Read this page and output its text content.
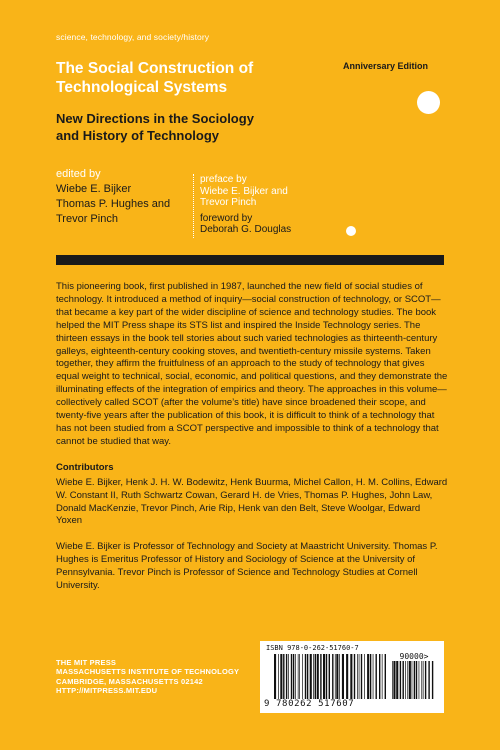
science, technology, and society/history
The Social Construction of Technological Systems
Anniversary Edition
New Directions in the Sociology and History of Technology
edited by
Wiebe E. Bijker
Thomas P. Hughes and
Trevor Pinch
preface by
Wiebe E. Bijker and
Trevor Pinch
foreword by
Deborah G. Douglas

This pioneering book, first published in 1987, launched the new field of social studies of technology. It introduced a method of inquiry—social construction of technology, or SCOT—that became a key part of the wider discipline of science and technology studies. The book helped the MIT Press shape its STS list and inspired the Inside Technology series. The thirteen essays in the book tell stories about such varied technologies as thirteenth-century galleys, eighteenth-century cooking stoves, and twentieth-century missile systems. Taken together, they affirm the fruitfulness of an approach to the study of technology that gives equal weight to technical, social, economic, and political questions, and they demonstrate the illuminating effects of the integration of empirics and theory. The approaches in this volume—collectively called SCOT (after the volume’s title) have since broadened their scope, and twenty-five years after the publication of this book, it is difficult to think of a technology that has not been studied from a SCOT perspective and impossible to think of a technology that cannot be studied that way.

Contributors

Wiebe E. Bijker, Henk J. H. W. Bodewitz, Henk Buurma, Michel Callon, H. M. Collins, Edward W. Constant II, Ruth Schwartz Cowan, Gerard H. de Vries, Thomas P. Hughes, John Law, Donald MacKenzie, Trevor Pinch, Arie Rip, Henk van den Belt, Steve Woolgar, Edward Yoxen

Wiebe E. Bijker is Professor of Technology and Society at Maastricht University. Thomas P. Hughes is Emeritus Professor of History and Sociology of Science at the University of Pennsylvania. Trevor Pinch is Professor of Science and Technology Studies at Cornell University.

THE MIT PRESS
MASSACHUSETTS INSTITUTE OF TECHNOLOGY
CAMBRIDGE, MASSACHUSETTS 02142
HTTP://MITPRESS.MIT.EDU
ISBN 978-0-262-51760-7
90000>
9 780262 517607
